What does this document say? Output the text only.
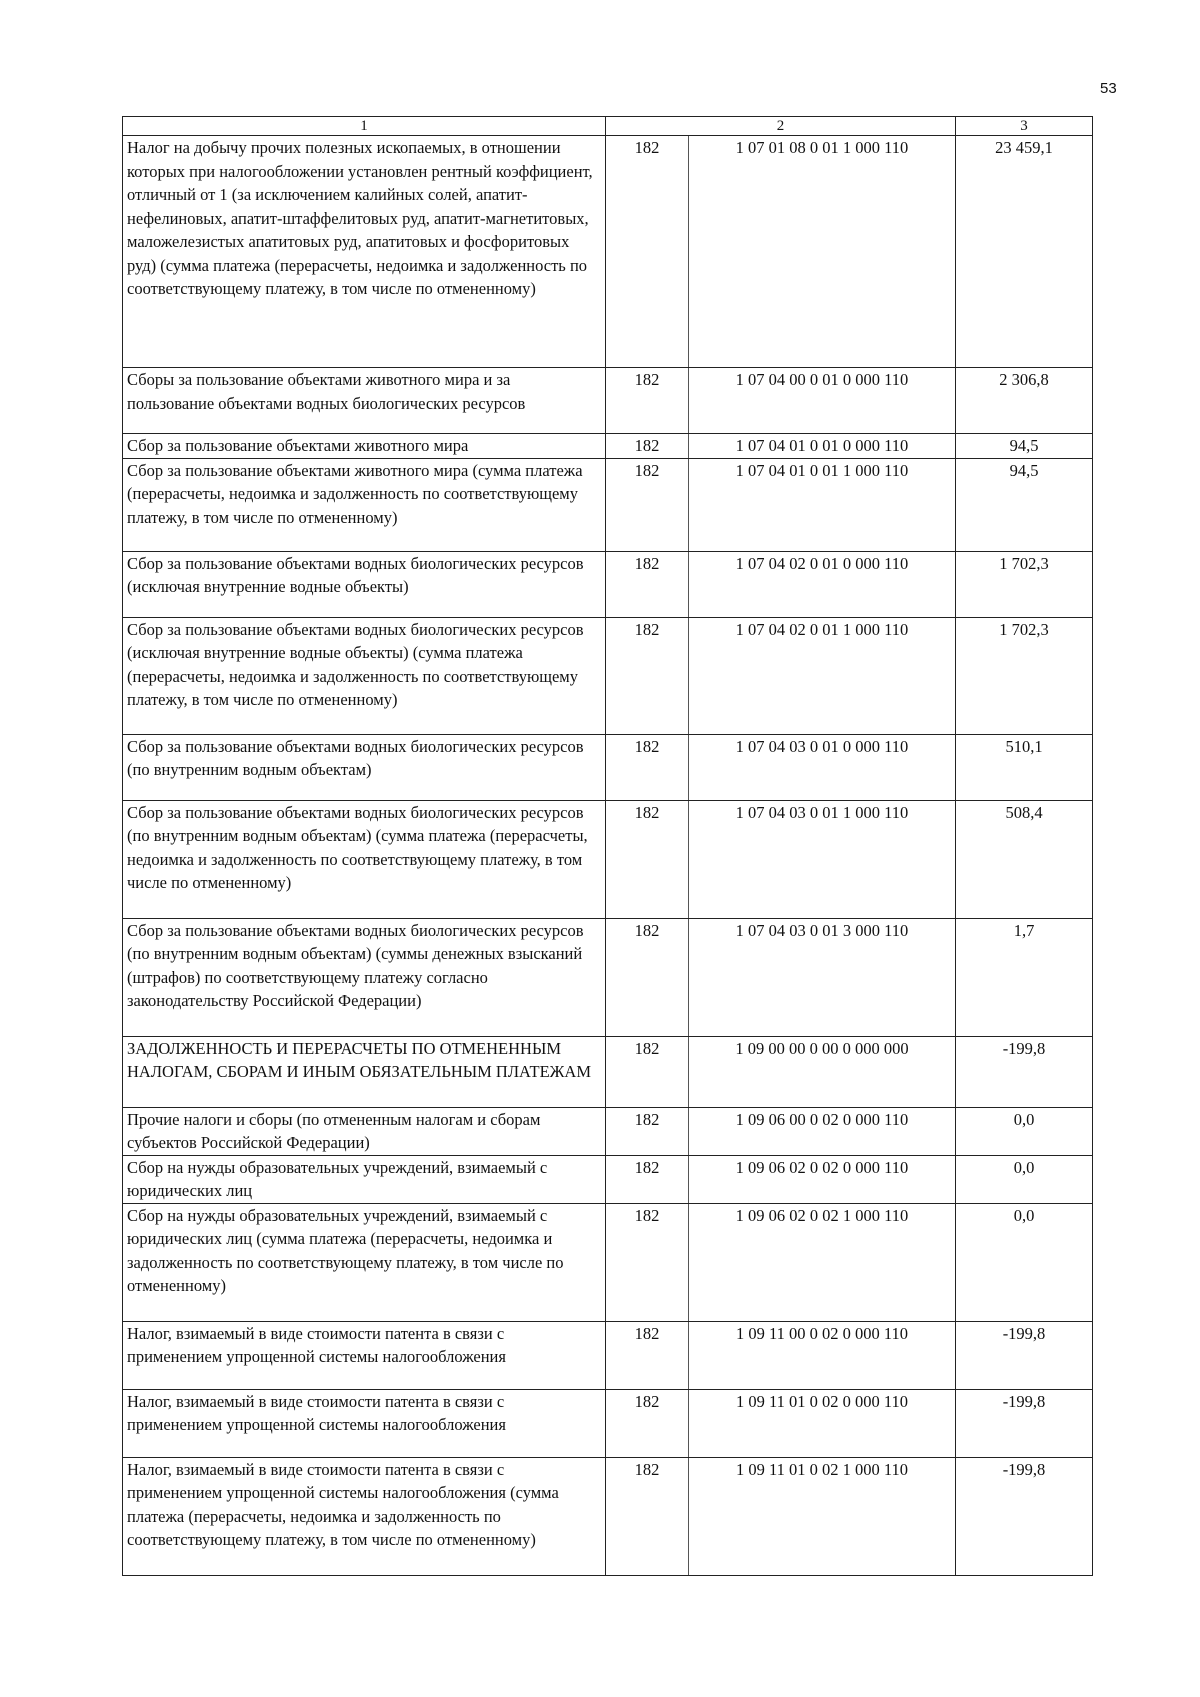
53
1	2		3
Налог на добычу прочих полезных ископаемых, в отношении которых при налогообложении установлен рентный коэффициент, отличный от 1 (за исключением калийных солей, апатит-нефелиновых, апатит-штаффелитовых руд, апатит-магнетитовых, маложелезистых апатитовых руд, апатитовых и фосфоритовых руд) (сумма платежа (перерасчеты, недоимка и задолженность по соответствующему платежу, в том числе по отмененному)	182	1 07 01 08 0 01 1 000 110	23 459,1
Сборы за пользование объектами животного мира и за пользование объектами водных биологических ресурсов	182	1 07 04 00 0 01 0 000 110	2 306,8
Сбор за пользование объектами животного мира	182	1 07 04 01 0 01 0 000 110	94,5
Сбор за пользование объектами животного мира (сумма платежа (перерасчеты, недоимка и задолженность по соответствующему платежу, в том числе по отмененному)	182	1 07 04 01 0 01 1 000 110	94,5
Сбор за пользование объектами водных биологических ресурсов (исключая внутренние водные объекты)	182	1 07 04 02 0 01 0 000 110	1 702,3
Сбор за пользование объектами водных биологических ресурсов (исключая внутренние водные объекты) (сумма платежа (перерасчеты, недоимка и задолженность по соответствующему платежу, в том числе по отмененному)	182	1 07 04 02 0 01 1 000 110	1 702,3
Сбор за пользование объектами водных биологических ресурсов (по внутренним водным объектам)	182	1 07 04 03 0 01 0 000 110	510,1
Сбор за пользование объектами водных биологических ресурсов (по внутренним водным объектам) (сумма платежа (перерасчеты, недоимка и задолженность по соответствующему платежу, в том числе по отмененному)	182	1 07 04 03 0 01 1 000 110	508,4
Сбор за пользование объектами водных биологических ресурсов (по внутренним водным объектам) (суммы денежных взысканий (штрафов) по соответствующему платежу согласно законодательству Российской Федерации)	182	1 07 04 03 0 01 3 000 110	1,7
ЗАДОЛЖЕННОСТЬ И ПЕРЕРАСЧЕТЫ ПО ОТМЕНЕННЫМ НАЛОГАМ, СБОРАМ И ИНЫМ ОБЯЗАТЕЛЬНЫМ ПЛАТЕЖАМ	182	1 09 00 00 0 00 0 000 000	-199,8
Прочие налоги и сборы (по отмененным налогам и сборам субъектов Российской Федерации)	182	1 09 06 00 0 02 0 000 110	0,0
Сбор на нужды образовательных учреждений, взимаемый с юридических лиц	182	1 09 06 02 0 02 0 000 110	0,0
Сбор на нужды образовательных учреждений, взимаемый с юридических лиц (сумма платежа (перерасчеты, недоимка и задолженность по соответствующему платежу, в том числе по отмененному)	182	1 09 06 02 0 02 1 000 110	0,0
Налог, взимаемый в виде стоимости патента в связи с применением упрощенной системы налогообложения	182	1 09 11 00 0 02 0 000 110	-199,8
Налог, взимаемый в виде стоимости патента в связи с применением упрощенной системы налогообложения	182	1 09 11 01 0 02 0 000 110	-199,8
Налог, взимаемый в виде стоимости патента в связи с применением упрощенной системы налогообложения (сумма платежа (перерасчеты, недоимка и задолженность по соответствующему платежу, в том числе по отмененному)	182	1 09 11 01 0 02 1 000 110	-199,8
